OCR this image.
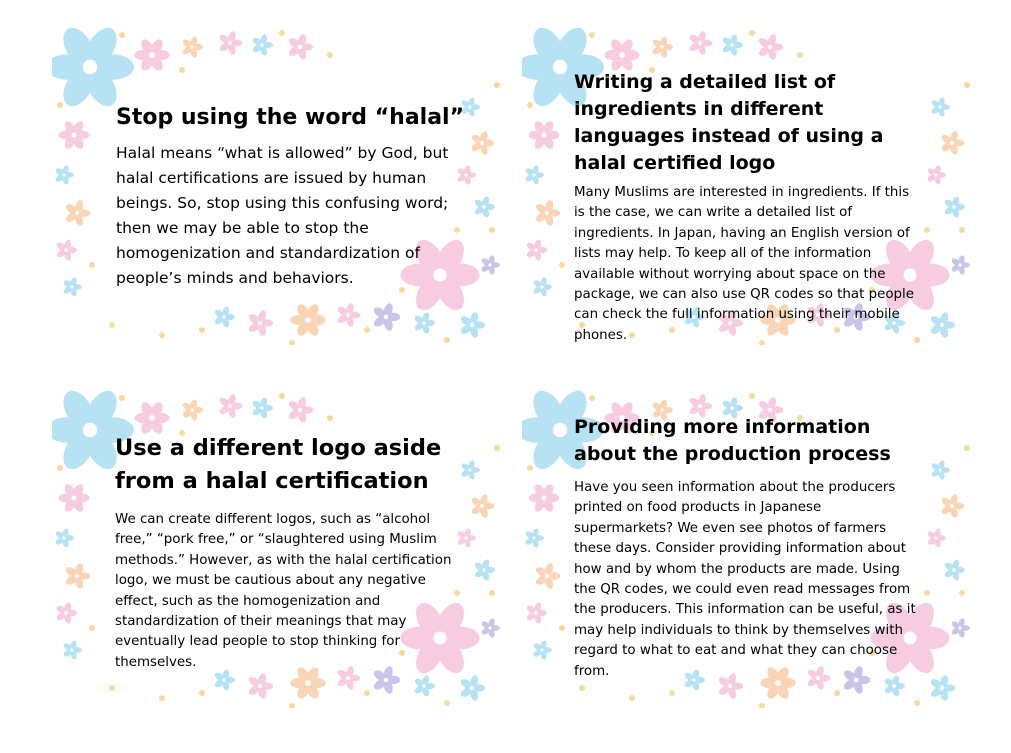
Stop using the word “halal”

Halal means “what is allowed” by God, but halal certifications are issued by human beings. So, stop using this confusing word; then we may be able to stop the homogenization and standardization of people’s minds and behaviors.

Writing a detailed list of ingredients in different languages instead of using a halal certified logo

Many Muslims are interested in ingredients. If this is the case, we can write a detailed list of ingredients. In Japan, having an English version of lists may help. To keep all of the information available without worrying about space on the package, we can also use QR codes so that people can check the full information using their mobile phones.

Use a different logo aside from a halal certification

We can create different logos, such as “alcohol free,” “pork free,” or “slaughtered using Muslim methods.” However, as with the halal certification logo, we must be cautious about any negative effect, such as the homogenization and standardization of their meanings that may eventually lead people to stop thinking for themselves.

Providing more information about the production process

Have you seen information about the producers printed on food products in Japanese supermarkets? We even see photos of farmers these days. Consider providing information about how and by whom the products are made. Using the QR codes, we could even read messages from the producers. This information can be useful, as it may help individuals to think by themselves with regard to what to eat and what they can choose from.
